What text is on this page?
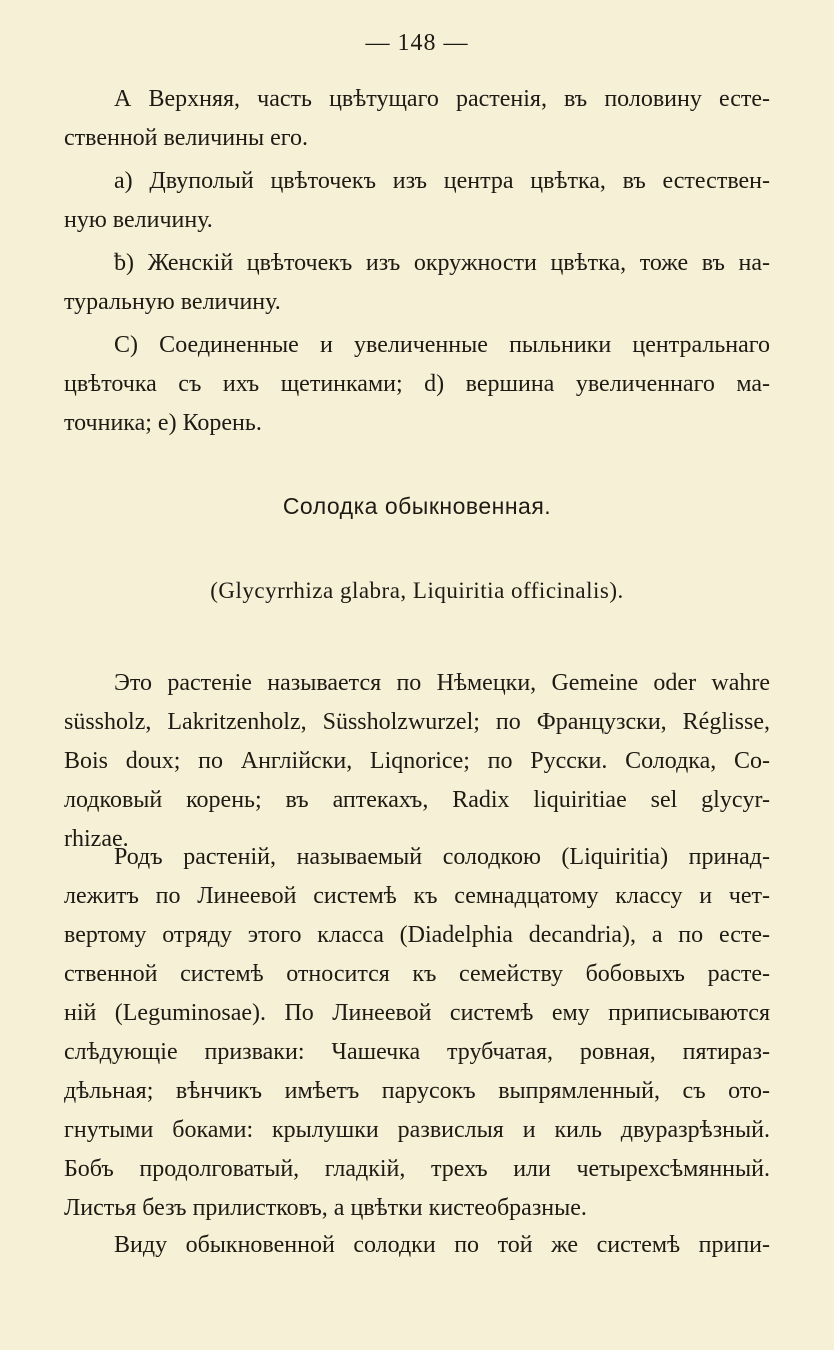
— 148 —
А Верхняя, часть цвѣтущаго растенія, въ половину есте-
ственной величины его.
а) Двуполый цвѣточекъ изъ центра цвѣтка, въ естествен-
ную величину.
ƀ) Женскій цвѣточекъ изъ окружности цвѣтка, тоже въ на-
туральную величину.
С) Соединенные и увеличенные пыльники центральнаго
цвѣточка съ ихъ щетинками; d) вершина увеличеннаго ма-
точника; е) Корень.
Солодка обыкновенная.
(Glycyrrhiza glabra, Liquiritia officinalis).
Это растеніе называется по Нѣмецки, Gemeine oder wahre
süssholz, Lakritzenholz, Süssholzwurzel; по Французски, Réglisse,
Bois doux; по Англійски, Liqnorice; по Русски. Солодка, Со-
лодковый корень; въ аптекахъ, Radix liquiritiae sel glycyr-
rhizae.
Родъ растеній, называемый солодкою (Liquiritia) принад-
лежитъ по Линеевой системѣ къ семнадцатому классу и чет-
вертому отряду этого класса (Diadelphia decandria), а по есте-
ственной системѣ относится къ семейству бобовыхъ расте-
ній (Leguminosae). По Линеевой системѣ ему приписываются
слѣдующіе призваки: Чашечка трубчатая, ровная, пятираз-
дѣльная; вѣнчикъ имѣетъ парусокъ выпрямленный, съ ото-
гнутыми боками: крылушки развислыя и киль двуразрѣзный.
Бобъ продолговатый, гладкій, трехъ или четырехсѣмянный.
Листья безъ прилистковъ, а цвѣтки кистеобразные.
Виду обыкновенной солодки по той же системѣ припи-
